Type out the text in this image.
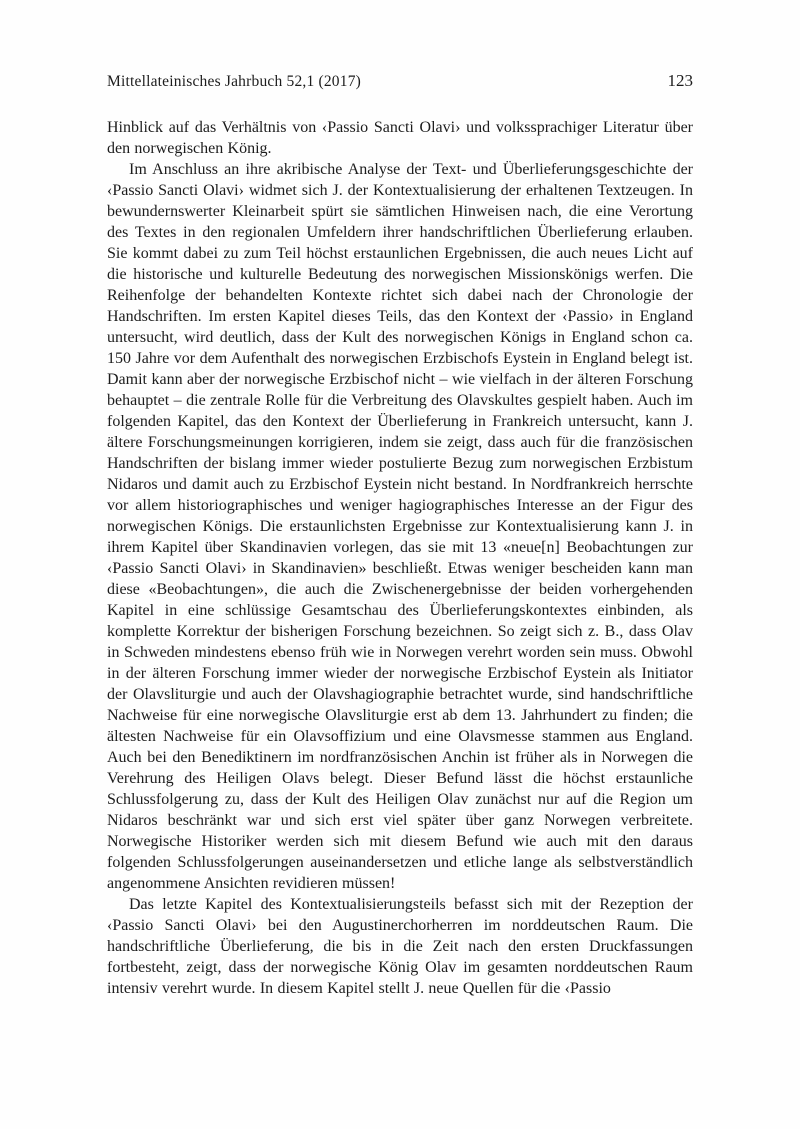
Mittellateinisches Jahrbuch 52,1 (2017)	123

Hinblick auf das Verhältnis von ‹Passio Sancti Olavi› und volkssprachiger Literatur über den norwegischen König.

Im Anschluss an ihre akribische Analyse der Text- und Überlieferungsgeschichte der ‹Passio Sancti Olavi› widmet sich J. der Kontextualisierung der erhaltenen Textzeugen. In bewundernswerter Kleinarbeit spürt sie sämtlichen Hinweisen nach, die eine Verortung des Textes in den regionalen Umfeldern ihrer handschriftlichen Überlieferung erlauben. Sie kommt dabei zu zum Teil höchst erstaunlichen Ergebnissen, die auch neues Licht auf die historische und kulturelle Bedeutung des norwegischen Missionskönigs werfen. Die Reihenfolge der behandelten Kontexte richtet sich dabei nach der Chronologie der Handschriften. Im ersten Kapitel dieses Teils, das den Kontext der ‹Passio› in England untersucht, wird deutlich, dass der Kult des norwegischen Königs in England schon ca. 150 Jahre vor dem Aufenthalt des norwegischen Erzbischofs Eystein in England belegt ist. Damit kann aber der norwegische Erzbischof nicht – wie vielfach in der älteren Forschung behauptet – die zentrale Rolle für die Verbreitung des Olavskultes gespielt haben. Auch im folgenden Kapitel, das den Kontext der Überlieferung in Frankreich untersucht, kann J. ältere Forschungsmeinungen korrigieren, indem sie zeigt, dass auch für die französischen Handschriften der bislang immer wieder postulierte Bezug zum norwegischen Erzbistum Nidaros und damit auch zu Erzbischof Eystein nicht bestand. In Nordfrankreich herrschte vor allem historiographisches und weniger hagiographisches Interesse an der Figur des norwegischen Königs. Die erstaunlichsten Ergebnisse zur Kontextualisierung kann J. in ihrem Kapitel über Skandinavien vorlegen, das sie mit 13 «neue[n] Beobachtungen zur ‹Passio Sancti Olavi› in Skandinavien» beschließt. Etwas weniger bescheiden kann man diese «Beobachtungen», die auch die Zwischenergebnisse der beiden vorhergehenden Kapitel in eine schlüssige Gesamtschau des Überlieferungskontextes einbinden, als komplette Korrektur der bisherigen Forschung bezeichnen. So zeigt sich z. B., dass Olav in Schweden mindestens ebenso früh wie in Norwegen verehrt worden sein muss. Obwohl in der älteren Forschung immer wieder der norwegische Erzbischof Eystein als Initiator der Olavsliturgie und auch der Olavshagiographie betrachtet wurde, sind handschriftliche Nachweise für eine norwegische Olavsliturgie erst ab dem 13. Jahrhundert zu finden; die ältesten Nachweise für ein Olavsoffizium und eine Olavsmesse stammen aus England. Auch bei den Benediktinern im nordfranzösischen Anchin ist früher als in Norwegen die Verehrung des Heiligen Olavs belegt. Dieser Befund lässt die höchst erstaunliche Schlussfolgerung zu, dass der Kult des Heiligen Olav zunächst nur auf die Region um Nidaros beschränkt war und sich erst viel später über ganz Norwegen verbreitete. Norwegische Historiker werden sich mit diesem Befund wie auch mit den daraus folgenden Schlussfolgerungen auseinandersetzen und etliche lange als selbstverständlich angenommene Ansichten revidieren müssen!

Das letzte Kapitel des Kontextualisierungsteils befasst sich mit der Rezeption der ‹Passio Sancti Olavi› bei den Augustinerchorherren im norddeutschen Raum. Die handschriftliche Überlieferung, die bis in die Zeit nach den ersten Druckfassungen fortbesteht, zeigt, dass der norwegische König Olav im gesamten norddeutschen Raum intensiv verehrt wurde. In diesem Kapitel stellt J. neue Quellen für die ‹Passio
